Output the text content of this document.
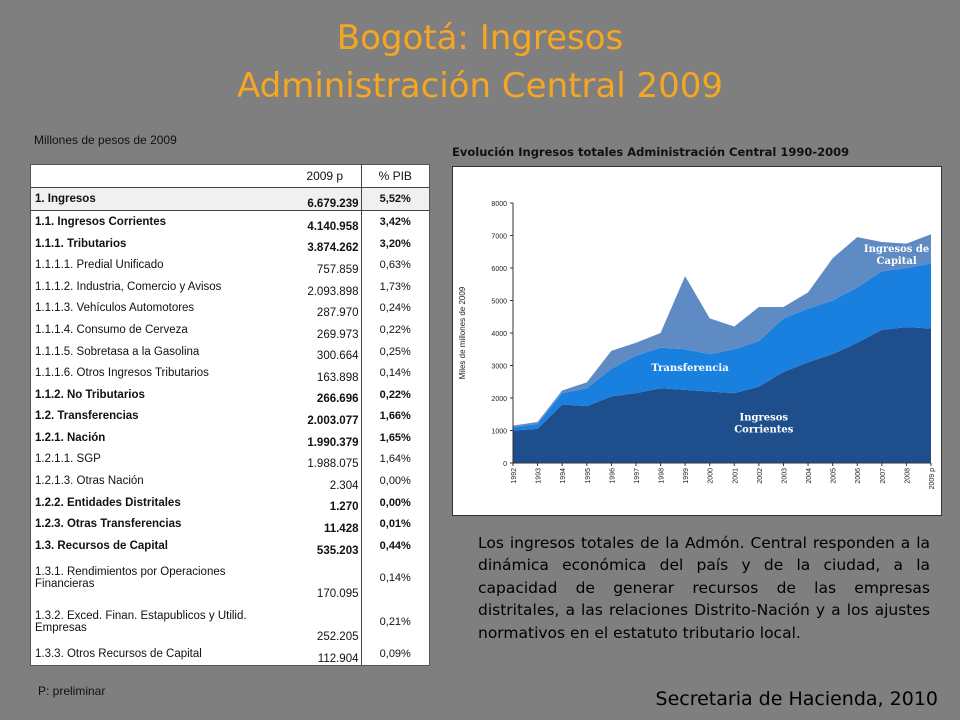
Bogotá: Ingresos
Administración Central 2009
Millones de pesos de 2009
	2009 p	% PIB
1. Ingresos	6.679.239	5,52%
1.1. Ingresos Corrientes	4.140.958	3,42%
1.1.1. Tributarios	3.874.262	3,20%
1.1.1.1. Predial Unificado	757.859	0,63%
1.1.1.2. Industria, Comercio y Avisos	2.093.898	1,73%
1.1.1.3. Vehículos Automotores	287.970	0,24%
1.1.1.4. Consumo de Cerveza	269.973	0,22%
1.1.1.5. Sobretasa a la Gasolina	300.664	0,25%
1.1.1.6. Otros Ingresos Tributarios	163.898	0,14%
1.1.2. No Tributarios	266.696	0,22%
1.2. Transferencias	2.003.077	1,66%
1.2.1. Nación	1.990.379	1,65%
1.2.1.1. SGP	1.988.075	1,64%
1.2.1.3. Otras Nación	2.304	0,00%
1.2.2. Entidades Distritales	1.270	0,00%
1.2.3. Otras Transferencias	11.428	0,01%
1.3. Recursos de Capital	535.203	0,44%
1.3.1. Rendimientos por Operaciones Financieras	170.095	0,14%
1.3.2. Exced. Finan. Estapublicos y Utilid. Empresas	252.205	0,21%
1.3.3. Otros Recursos de Capital	112.904	0,09%
P: preliminar
Evolución Ingresos totales Administración Central 1990-2009
0
1000
2000
3000
4000
5000
6000
7000
8000
1992	1993	1994	1995	1996	1997	1998	1999	2000	2001	2002	2003	2004	2005	2006	2007	2008	2009 p
Miles de millones de 2009
Ingresos Corrientes
Transferencia
Ingresos de Capital

Los ingresos totales de la Admón. Central responden a la dinámica económica del país y de la ciudad, a la capacidad de generar recursos de las empresas distritales, a las relaciones Distrito-Nación y a los ajustes normativos en el estatuto tributario local.

Secretaria de Hacienda, 2010
